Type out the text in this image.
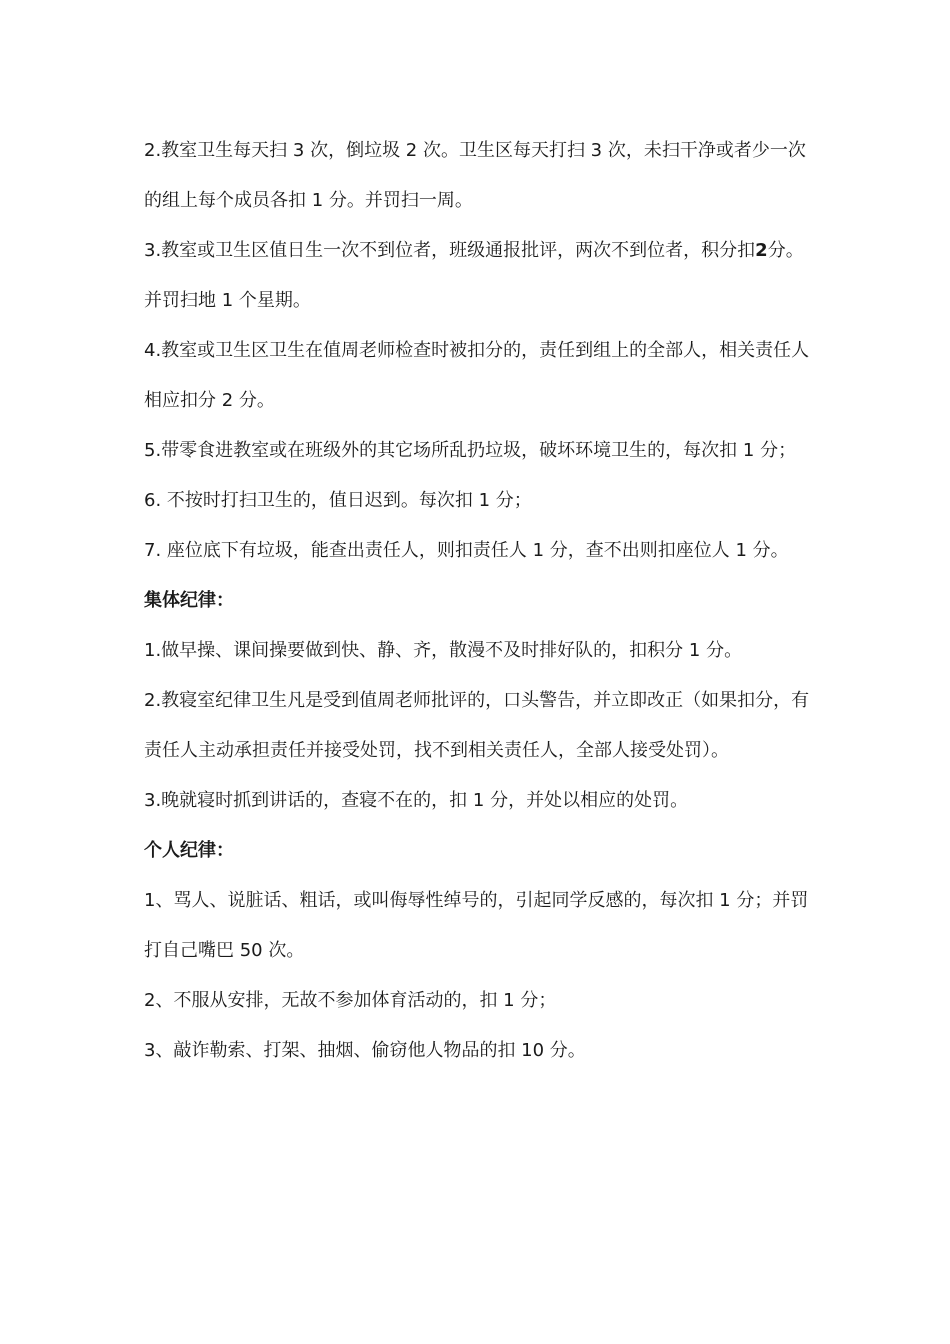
2.教室卫生每天扫 3 次，倒垃圾 2 次。卫生区每天打扫 3 次，未扫干净或者少一次的组上每个成员各扣 1 分。并罚扫一周。

3.教室或卫生区值日生一次不到位者，班级通报批评，两次不到位者，积分扣2分。并罚扫地 1 个星期。

4.教室或卫生区卫生在值周老师检查时被扣分的，责任到组上的全部人，相关责任人相应扣分 2 分。

5.带零食进教室或在班级外的其它场所乱扔垃圾，破坏环境卫生的，每次扣 1 分；

6. 不按时打扫卫生的，值日迟到。每次扣 1 分；

7. 座位底下有垃圾，能查出责任人，则扣责任人 1 分，查不出则扣座位人 1 分。

集体纪律：

1.做早操、课间操要做到快、静、齐，散漫不及时排好队的，扣积分 1 分。

2.教寝室纪律卫生凡是受到值周老师批评的，口头警告，并立即改正（如果扣分，有责任人主动承担责任并接受处罚，找不到相关责任人，全部人接受处罚）。

3.晚就寝时抓到讲话的，查寝不在的，扣 1 分，并处以相应的处罚。

个人纪律：

1、骂人、说脏话、粗话，或叫侮辱性绰号的，引起同学反感的，每次扣 1 分；并罚打自己嘴巴 50 次。

2、不服从安排，无故不参加体育活动的，扣 1 分；

3、敲诈勒索、打架、抽烟、偷窃他人物品的扣 10 分。
